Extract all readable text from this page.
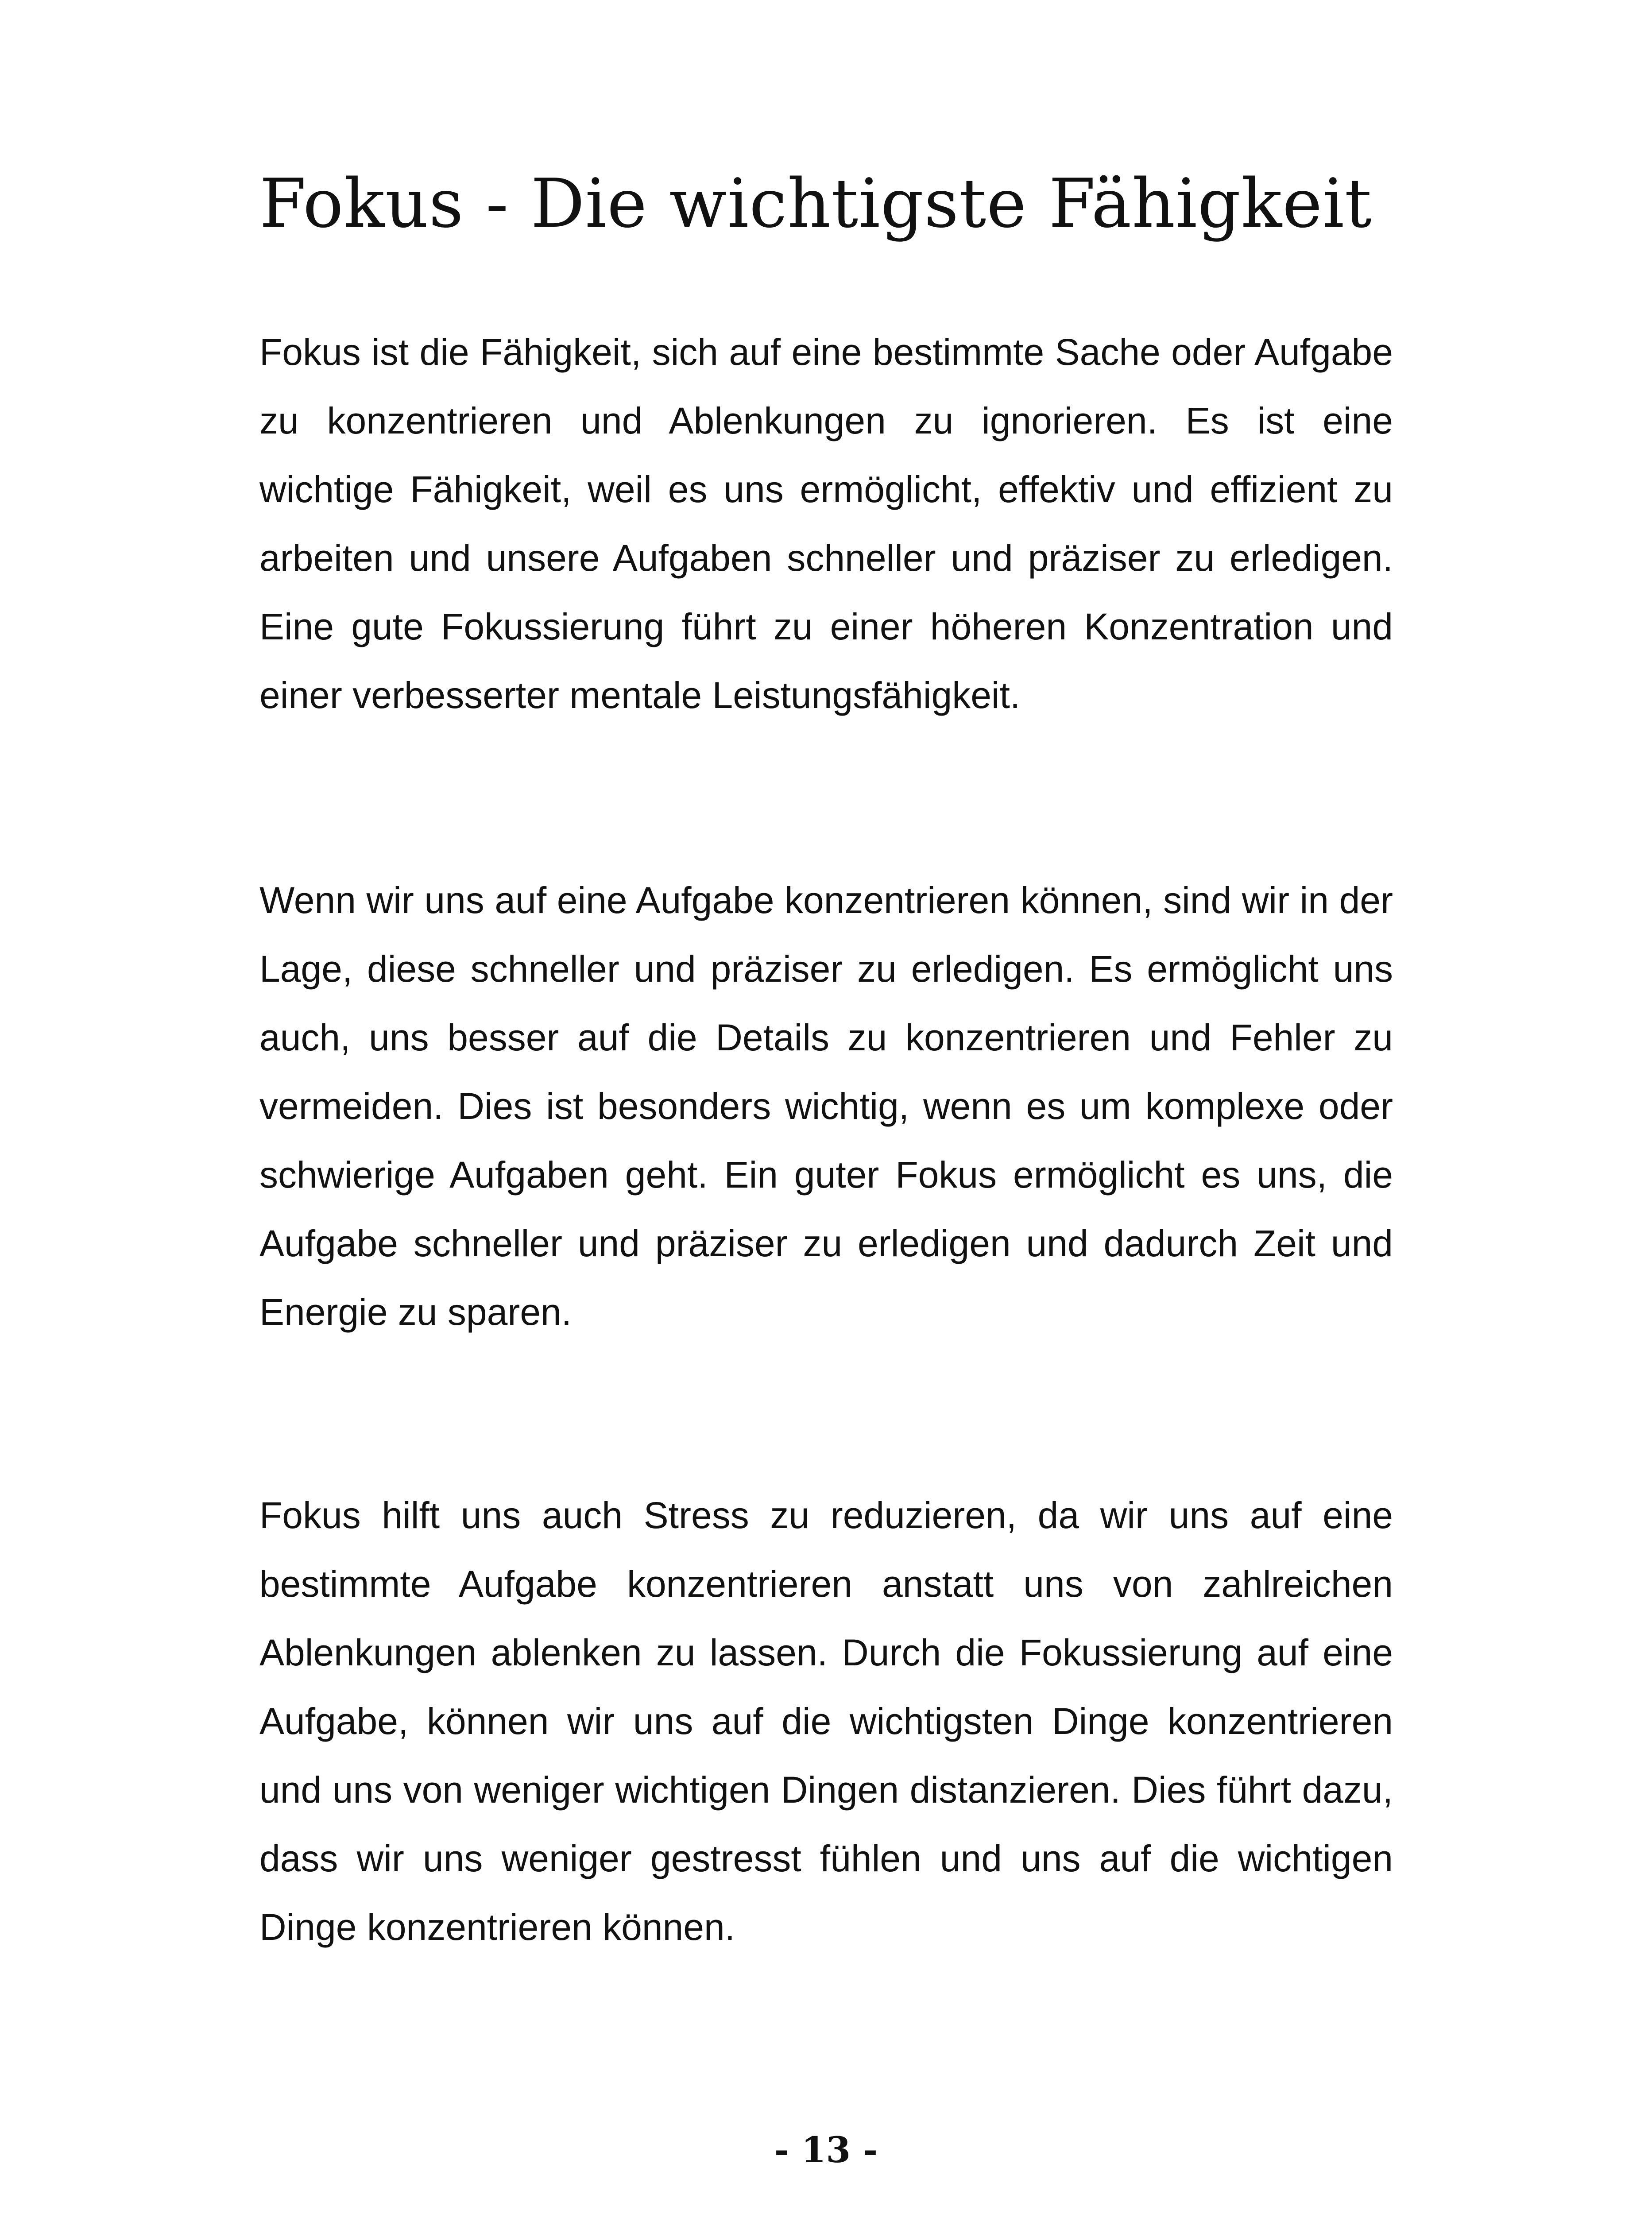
Fokus - Die wichtigste Fähigkeit

Fokus ist die Fähigkeit, sich auf eine bestimmte Sache oder Aufgabe zu konzentrieren und Ablenkungen zu ignorieren. Es ist eine wichtige Fähigkeit, weil es uns ermöglicht, effektiv und effizient zu arbeiten und unsere Aufgaben schneller und präziser zu erledigen. Eine gute Fokussierung führt zu einer höheren Konzentration und einer verbesserter mentale Leistungsfähigkeit.

Wenn wir uns auf eine Aufgabe konzentrieren können, sind wir in der Lage, diese schneller und präziser zu erledigen. Es ermöglicht uns auch, uns besser auf die Details zu konzentrieren und Fehler zu vermeiden. Dies ist besonders wichtig, wenn es um komplexe oder schwierige Aufgaben geht. Ein guter Fokus ermöglicht es uns, die Aufgabe schneller und präziser zu erledigen und dadurch Zeit und Energie zu sparen.

Fokus hilft uns auch Stress zu reduzieren, da wir uns auf eine bestimmte Aufgabe konzentrieren anstatt uns von zahlreichen Ablenkungen ablenken zu lassen. Durch die Fokussierung auf eine Aufgabe, können wir uns auf die wichtigsten Dinge konzentrieren und uns von weniger wichtigen Dingen distanzieren. Dies führt dazu, dass wir uns weniger gestresst fühlen und uns auf die wichtigen Dinge konzentrieren können.

- 13 -
